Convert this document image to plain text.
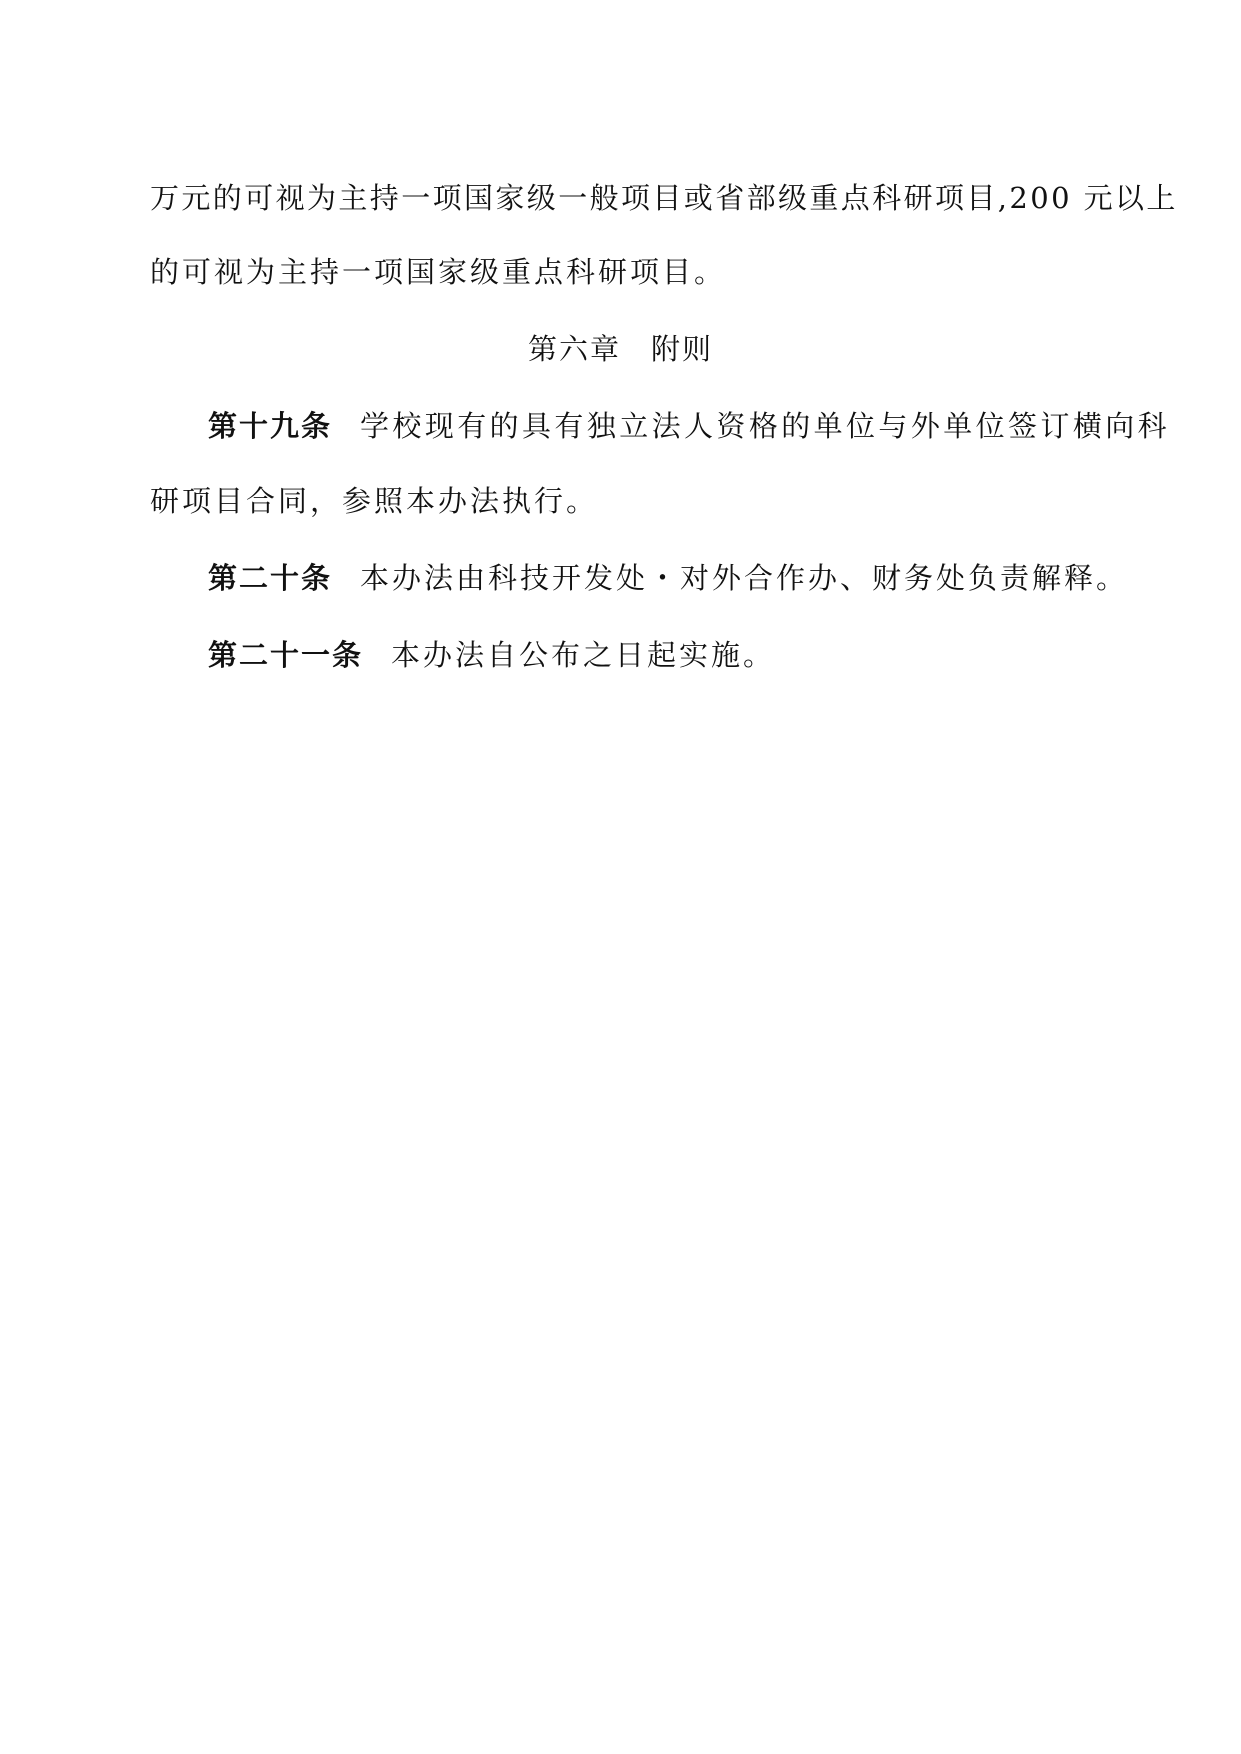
万元的可视为主持一项国家级一般项目或省部级重点科研项目,200 元以上
的可视为主持一项国家级重点科研项目。
第六章 附则
第十九条 学校现有的具有独立法人资格的单位与外单位签订横向科
研项目合同，参照本办法执行。
第二十条 本办法由科技开发处・对外合作办、财务处负责解释。
第二十一条 本办法自公布之日起实施。
